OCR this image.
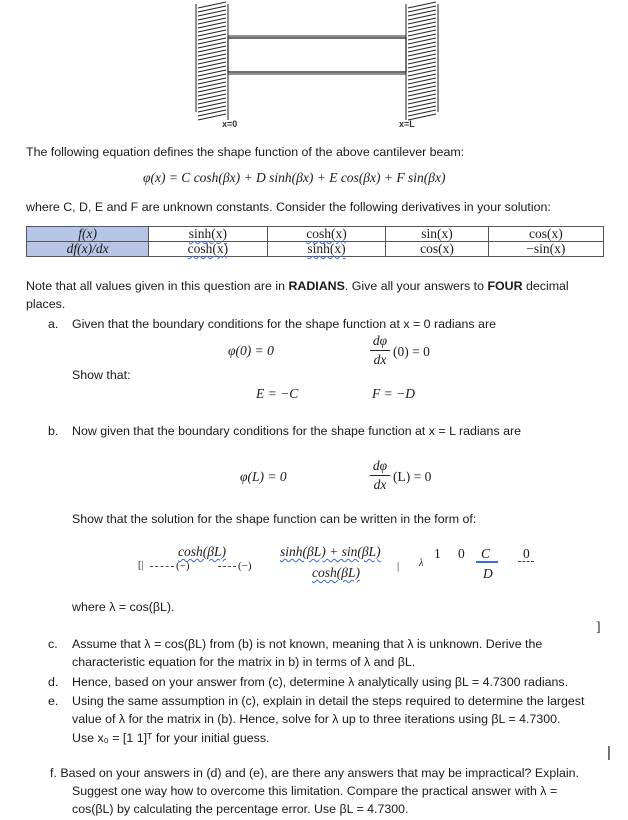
x=0	x=L
The following equation defines the shape function of the above cantilever beam:
φ(x) = C cosh(βx) + D sinh(βx) + E cos(βx) + F sin(βx)
where C, D, E and F are unknown constants. Consider the following derivatives in your solution:
f(x)	sinh(x)	cosh(x)	sin(x)	cos(x)
df(x)/dx	cosh(x)	sinh(x)	cos(x)	−sin(x)
Note that all values given in this question are in RADIANS. Give all your answers to FOUR decimal
places.
a. Given that the boundary conditions for the shape function at x = 0 radians are
φ(0) = 0
dφ
dx
(0) = 0
Show that:
E = −C	F = −D
b. Now given that the boundary conditions for the shape function at x = L radians are
φ(L) = 0
dφ
dx
(L) = 0
Show that the solution for the shape function can be written in the form of:
[|
cosh(βL)
(−)	(−)
sinh(βL) + sin(βL)
cosh(βL)	| λ
1 0 C
D
0
where λ = cos(βL).
]
c. Assume that λ = cos(βL) from (b) is not known, meaning that λ is unknown. Derive the
characteristic equation for the matrix in b) in terms of λ and βL.
d. Hence, based on your answer from (c), determine λ analytically using βL = 4.7300 radians.
e. Using the same assumption in (c), explain in detail the steps required to determine the largest
value of λ for the matrix in (b). Hence, solve for λ up to three iterations using βL = 4.7300.
Use x₀ = [1 1]ᵀ for your initial guess.
|
f. Based on your answers in (d) and (e), are there any answers that may be impractical? Explain.
Suggest one way how to overcome this limitation. Compare the practical answer with λ =
cos(βL) by calculating the percentage error. Use βL = 4.7300.
